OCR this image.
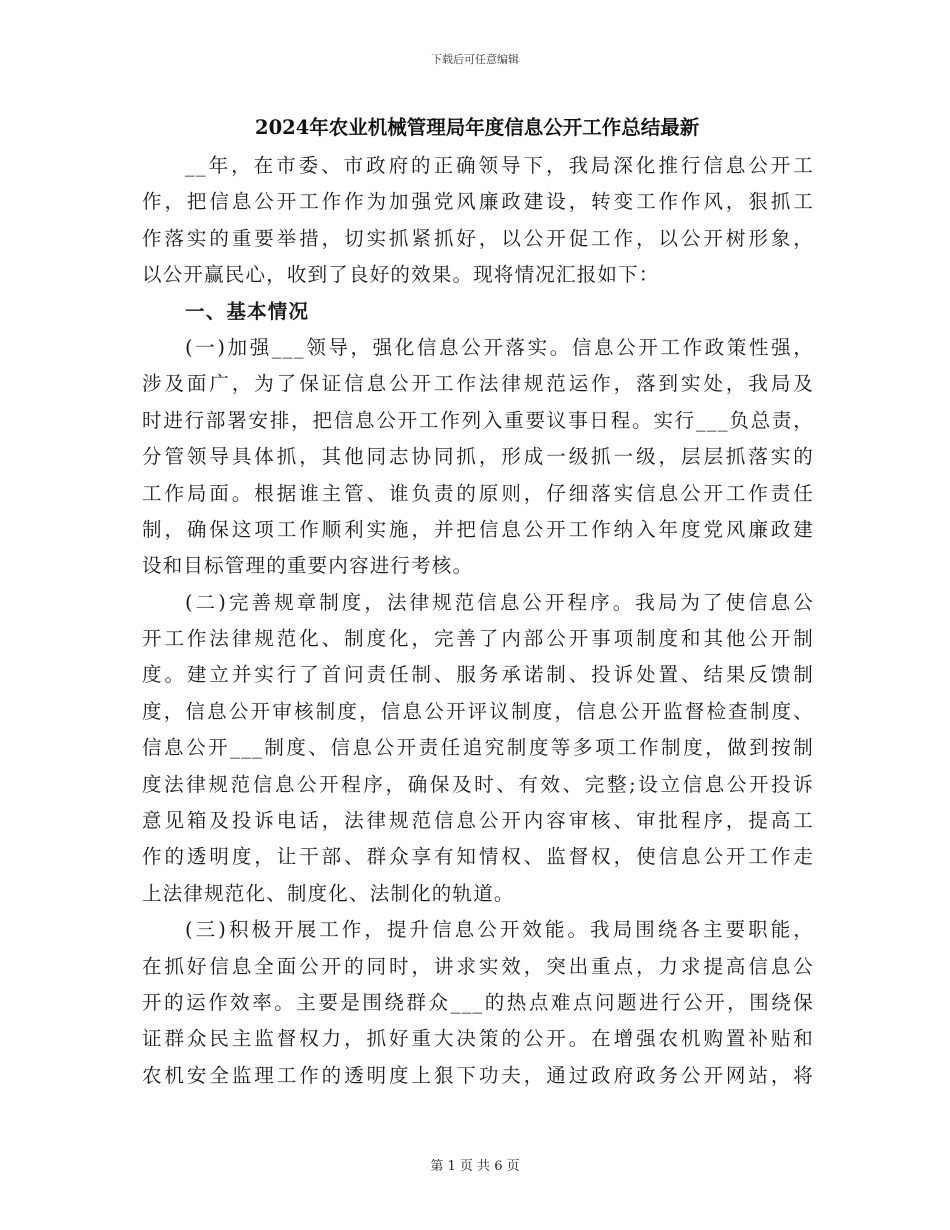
下载后可任意编辑
2024年农业机械管理局年度信息公开工作总结最新
__年，在市委、市政府的正确领导下，我局深化推行信息公开工
作，把信息公开工作作为加强党风廉政建设，转变工作作风，狠抓工
作落实的重要举措，切实抓紧抓好，以公开促工作，以公开树形象，
以公开赢民心，收到了良好的效果。现将情况汇报如下：
一、基本情况
(一)加强___领导，强化信息公开落实。信息公开工作政策性强，
涉及面广，为了保证信息公开工作法律规范运作，落到实处，我局及
时进行部署安排，把信息公开工作列入重要议事日程。实行___负总责，
分管领导具体抓，其他同志协同抓，形成一级抓一级，层层抓落实的
工作局面。根据谁主管、谁负责的原则，仔细落实信息公开工作责任
制，确保这项工作顺利实施，并把信息公开工作纳入年度党风廉政建
设和目标管理的重要内容进行考核。
(二)完善规章制度，法律规范信息公开程序。我局为了使信息公
开工作法律规范化、制度化，完善了内部公开事项制度和其他公开制
度。建立并实行了首问责任制、服务承诺制、投诉处置、结果反馈制
度，信息公开审核制度，信息公开评议制度，信息公开监督检查制度、
信息公开___制度、信息公开责任追究制度等多项工作制度，做到按制
度法律规范信息公开程序，确保及时、有效、完整;设立信息公开投诉
意见箱及投诉电话，法律规范信息公开内容审核、审批程序，提高工
作的透明度，让干部、群众享有知情权、监督权，使信息公开工作走
上法律规范化、制度化、法制化的轨道。
(三)积极开展工作，提升信息公开效能。我局围绕各主要职能，
在抓好信息全面公开的同时，讲求实效，突出重点，力求提高信息公
开的运作效率。主要是围绕群众___的热点难点问题进行公开，围绕保
证群众民主监督权力，抓好重大决策的公开。在增强农机购置补贴和
农机安全监理工作的透明度上狠下功夫，通过政府政务公开网站，将
第 1 页 共 6 页
